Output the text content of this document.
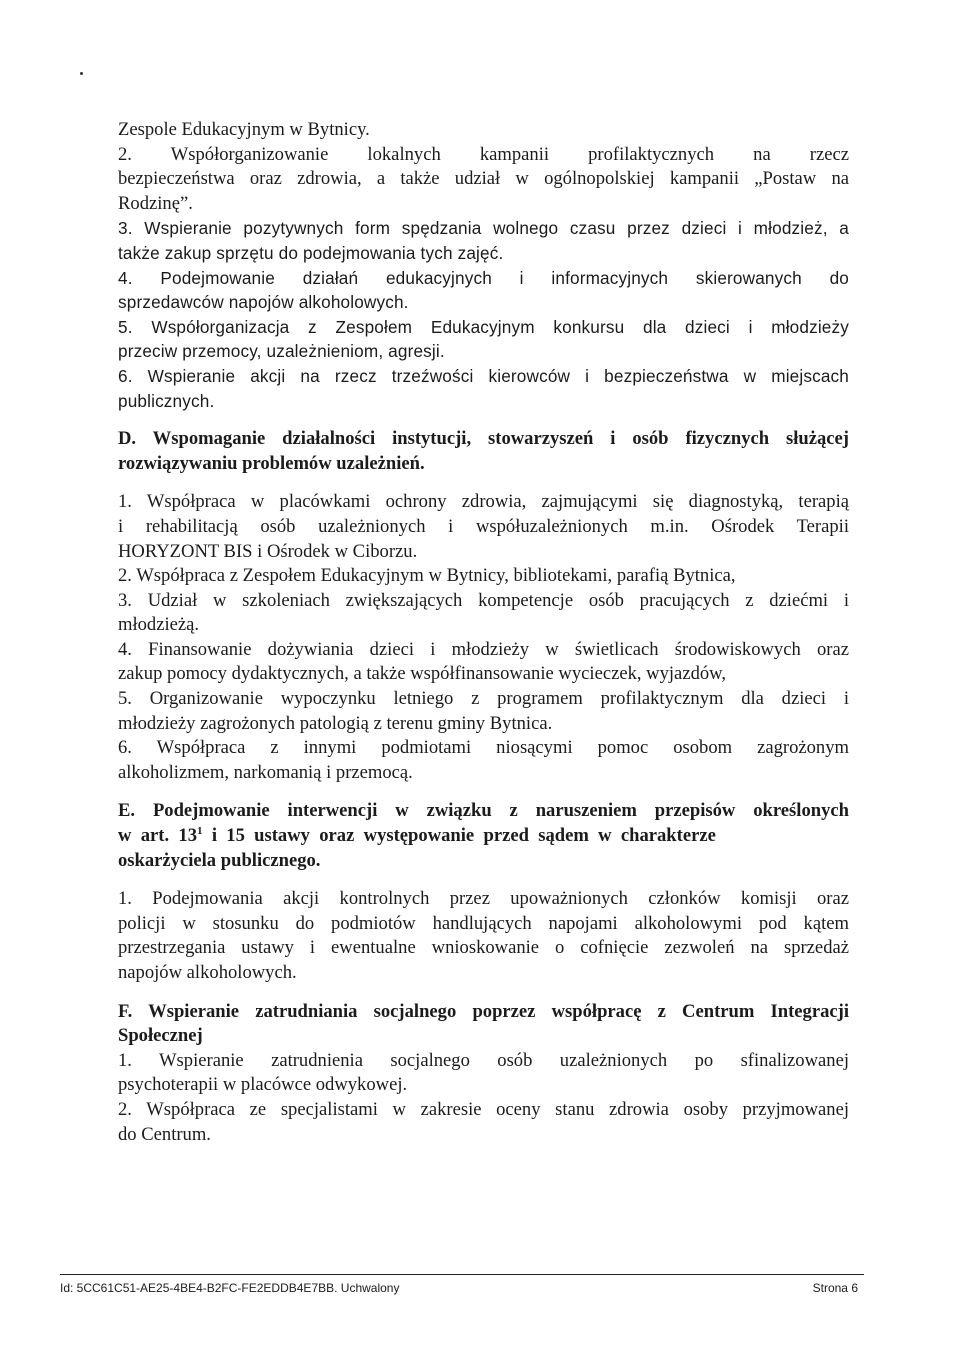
Zespole Edukacyjnym w Bytnicy.
2. Współorganizowanie lokalnych kampanii profilaktycznych na rzecz
bezpieczeństwa oraz zdrowia, a także udział w ogólnopolskiej kampanii „Postaw na
Rodzinę”.
3. Wspieranie pozytywnych form spędzania wolnego czasu przez dzieci i młodzież, a
także zakup sprzętu do podejmowania tych zajęć.
4. Podejmowanie działań edukacyjnych i informacyjnych skierowanych do
sprzedawców napojów alkoholowych.
5. Współorganizacja z Zespołem Edukacyjnym konkursu dla dzieci i młodzieży
przeciw przemocy, uzależnieniom, agresji.
6. Wspieranie akcji na rzecz trzeźwości kierowców i bezpieczeństwa w miejscach
publicznych.
D. Wspomaganie działalności instytucji, stowarzyszeń i osób fizycznych służącej
rozwiązywaniu problemów uzależnień.
1. Współpraca w placówkami ochrony zdrowia, zajmującymi się diagnostyką, terapią
i rehabilitacją osób uzależnionych i współuzależnionych m.in. Ośrodek Terapii
HORYZONT BIS i Ośrodek w Ciborzu.
2. Współpraca z Zespołem Edukacyjnym w Bytnicy, bibliotekami, parafią Bytnica,
3. Udział w szkoleniach zwiększających kompetencje osób pracujących z dziećmi i
młodzieżą.
4. Finansowanie dożywiania dzieci i młodzieży w świetlicach środowiskowych oraz
zakup pomocy dydaktycznych, a także współfinansowanie wycieczek, wyjazdów,
5. Organizowanie wypoczynku letniego z programem profilaktycznym dla dzieci i
młodzieży zagrożonych patologią z terenu gminy Bytnica.
6. Współpraca z innymi podmiotami niosącymi pomoc osobom zagrożonym
alkoholizmem, narkomanią i przemocą.
E. Podejmowanie interwencji w związku z naruszeniem przepisów określonych
w  art.  $13^1$  i  15  ustawy  oraz  występowanie  przed  sądem  w  charakterze
oskarżyciela publicznego.
1. Podejmowania akcji kontrolnych przez upoważnionych członków komisji oraz
policji w stosunku do podmiotów handlujących napojami alkoholowymi pod kątem
przestrzegania ustawy i ewentualne wnioskowanie o cofnięcie zezwoleń na sprzedaż
napojów alkoholowych.
F. Wspieranie zatrudniania socjalnego poprzez współpracę z Centrum Integracji
Społecznej
1. Wspieranie zatrudnienia socjalnego osób uzależnionych po sfinalizowanej
psychoterapii w placówce odwykowej.
2. Współpraca ze specjalistami w zakresie oceny stanu zdrowia osoby przyjmowanej
do Centrum.
Id: 5CC61C51-AE25-4BE4-B2FC-FE2EDDB4E7BB. Uchwalony	Strona 6
